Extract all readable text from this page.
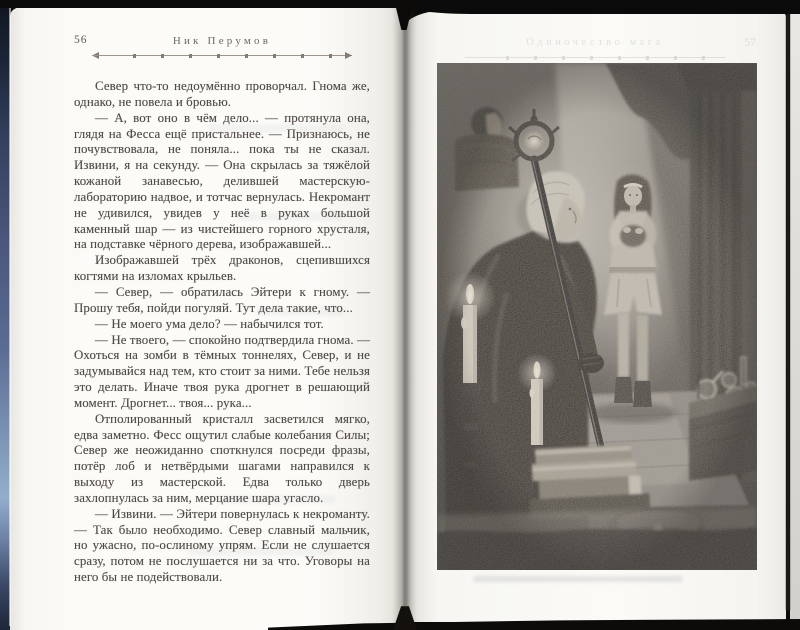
56	Ник Перумов

Север что-то недоумённо проворчал. Гнома же, однако, не повела и бровью.

— А, вот оно в чём дело... — протянула она, глядя на Фесса ещё пристальнее. — Признаюсь, не почувствовала, не поняла... пока ты не сказал. Извини, я на секунду. — Она скрылась за тяжёлой кожаной занавесью, делившей мастерскую-лабораторию надвое, и тотчас вернулась. Некромант не удивился, увидев у неё в руках большой каменный шар — из чистейшего горного хрусталя, на подставке чёрного дерева, изображавшей...

Изображавшей трёх драконов, сцепившихся когтями на изломах крыльев.

— Север, — обратилась Эйтери к гному. — Прошу тебя, пойди погуляй. Тут дела такие, что...

— Не моего ума дело? — набычился тот.

— Не твоего, — спокойно подтвердила гнома. — Охоться на зомби в тёмных тоннелях, Север, и не задумывайся над тем, кто стоит за ними. Тебе нельзя это делать. Иначе твоя рука дрогнет в решающий момент. Дрогнет... твоя... рука...

Отполированный кристалл засветился мягко, едва заметно. Фесс ощутил слабые колебания Силы; Север же неожиданно споткнулся посреди фразы, потёр лоб и нетвёрдыми шагами направился к выходу из мастерской. Едва только дверь захлопнулась за ним, мерцание шара угасло.

— Извини. — Эйтери повернулась к некроманту. — Так было необходимо. Север славный мальчик, но ужасно, по-ослиному упрям. Если не слушается сразу, потом не послушается ни за что. Уговоры на него бы не подействовали.

Одиночество мага	57
